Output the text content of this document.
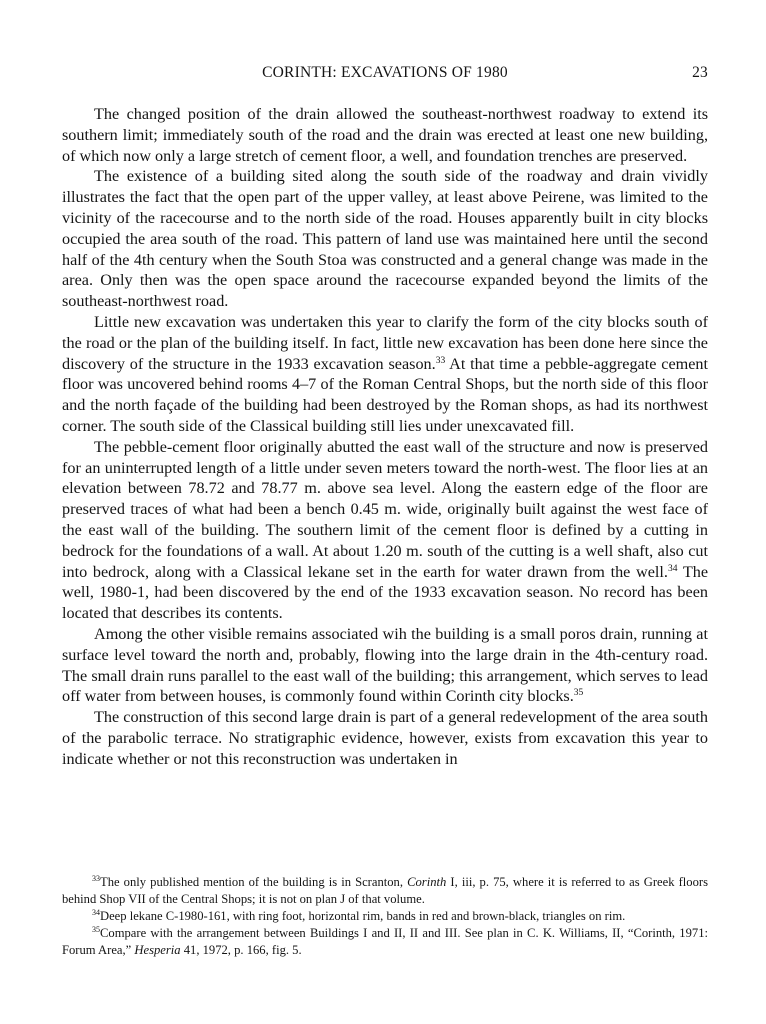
CORINTH: EXCAVATIONS OF 1980	23

The changed position of the drain allowed the southeast-northwest roadway to extend its southern limit; immediately south of the road and the drain was erected at least one new building, of which now only a large stretch of cement floor, a well, and foundation trenches are preserved.

The existence of a building sited along the south side of the roadway and drain vividly illustrates the fact that the open part of the upper valley, at least above Peirene, was limited to the vicinity of the racecourse and to the north side of the road. Houses apparently built in city blocks occupied the area south of the road. This pattern of land use was maintained here until the second half of the 4th century when the South Stoa was constructed and a general change was made in the area. Only then was the open space around the racecourse expanded beyond the limits of the southeast-northwest road.

Little new excavation was undertaken this year to clarify the form of the city blocks south of the road or the plan of the building itself. In fact, little new excavation has been done here since the discovery of the structure in the 1933 excavation season.$^{33}$ At that time a pebble-aggregate cement floor was uncovered behind rooms 4–7 of the Roman Central Shops, but the north side of this floor and the north façade of the building had been destroyed by the Roman shops, as had its northwest corner. The south side of the Classical building still lies under unexcavated fill.

The pebble-cement floor originally abutted the east wall of the structure and now is preserved for an uninterrupted length of a little under seven meters toward the north-west. The floor lies at an elevation between 78.72 and 78.77 m. above sea level. Along the eastern edge of the floor are preserved traces of what had been a bench 0.45 m. wide, originally built against the west face of the east wall of the building. The southern limit of the cement floor is defined by a cutting in bedrock for the foundations of a wall. At about 1.20 m. south of the cutting is a well shaft, also cut into bedrock, along with a Classical lekane set in the earth for water drawn from the well.$^{34}$ The well, 1980-1, had been discovered by the end of the 1933 excavation season. No record has been located that describes its contents.

Among the other visible remains associated wih the building is a small poros drain, running at surface level toward the north and, probably, flowing into the large drain in the 4th-century road. The small drain runs parallel to the east wall of the building; this arrangement, which serves to lead off water from between houses, is commonly found within Corinth city blocks.$^{35}$

The construction of this second large drain is part of a general redevelopment of the area south of the parabolic terrace. No stratigraphic evidence, however, exists from excavation this year to indicate whether or not this reconstruction was undertaken in

$^{33}$The only published mention of the building is in Scranton, Corinth I, iii, p. 75, where it is referred to as Greek floors behind Shop VII of the Central Shops; it is not on plan J of that volume.

$^{34}$Deep lekane C-1980-161, with ring foot, horizontal rim, bands in red and brown-black, triangles on rim.

$^{35}$Compare with the arrangement between Buildings I and II, II and III. See plan in C. K. Williams, II, “Corinth, 1971: Forum Area,” Hesperia 41, 1972, p. 166, fig. 5.
